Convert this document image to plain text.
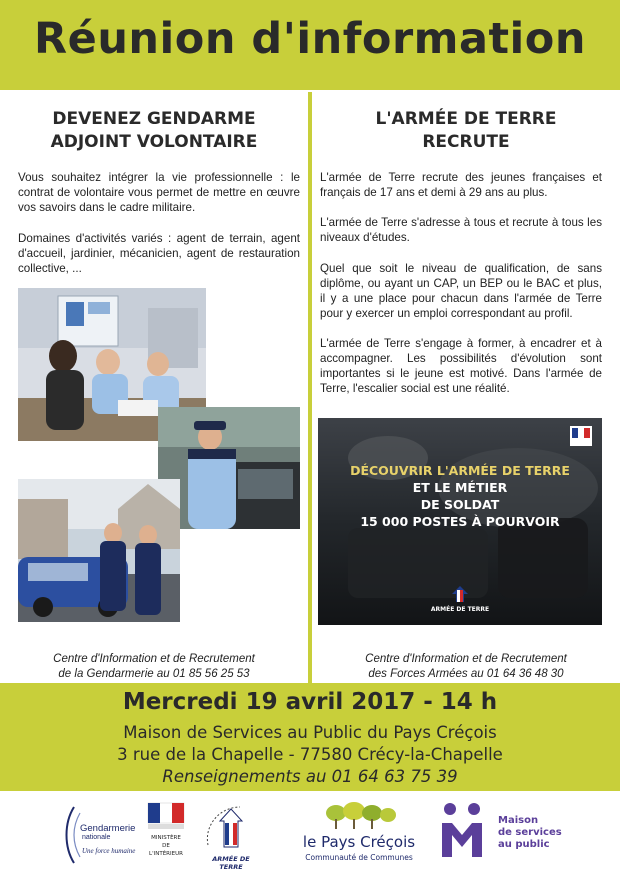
Réunion d'information
DEVENEZ GENDARME
ADJOINT VOLONTAIRE

Vous souhaitez intégrer la vie professionnelle : le contrat de volontaire vous permet de mettre en œuvre vos savoirs dans le cadre militaire.

Domaines d'activités variés : agent de terrain, agent d'accueil, jardinier, mécanicien, agent de restauration collective, ...

Centre d'Information et de Recrutement
de la Gendarmerie au 01 85 56 25 53
L'ARMÉE DE TERRE
RECRUTE

L'armée de Terre recrute des jeunes françaises et français de 17 ans et demi à 29 ans au plus.

L'armée de Terre s'adresse à tous et recrute à tous les niveaux d'études.

Quel que soit le niveau de qualification, de sans diplôme, ou ayant un CAP, un BEP ou le BAC et plus, il y a une place pour chacun dans l'armée de Terre pour y exercer un emploi correspondant au profil.

L'armée de Terre s'engage à former, à encadrer et à accompagner. Les possibilités d'évolution sont importantes si le jeune est motivé. Dans l'armée de Terre, l'escalier social est une réalité.

DÉCOUVRIR L'ARMÉE DE TERRE
ET LE MÉTIER
DE SOLDAT
15 000 POSTES À POURVOIR
ARMÉE DE TERRE
Centre d'Information et de Recrutement
des Forces Armées au 01 64 36 48 30
Mercredi 19 avril 2017 - 14 h
Maison de Services au Public du Pays Créçois
3 rue de la Chapelle - 77580 Crécy-la-Chapelle
Renseignements au 01 64 63 75 39
Gendarmerie
nationale
Une force humaine
MINISTÈRE
DE
L'INTÉRIEUR
ARMÉE DE TERRE
le Pays Créçois
Communauté de Communes
Maison
de services
au public
